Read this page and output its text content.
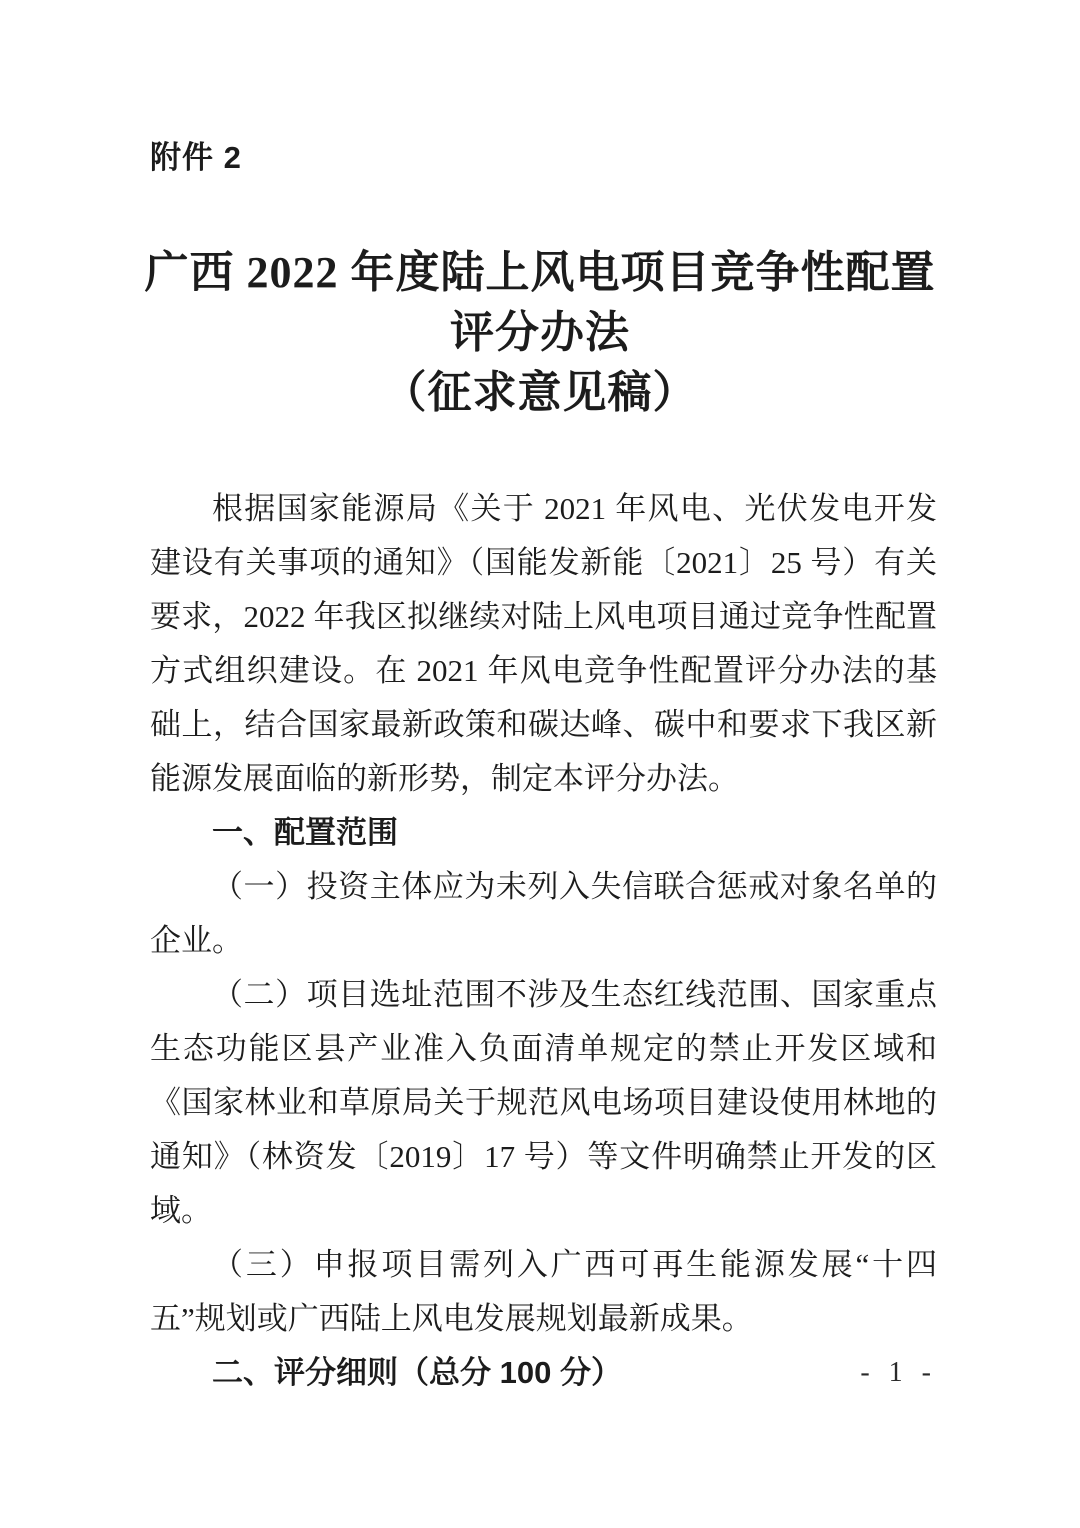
附件 2
广西 2022 年度陆上风电项目竞争性配置
评分办法
（征求意见稿）

根据国家能源局《关于 2021 年风电、光伏发电开发建设有关事项的通知》（国能发新能〔2021〕25 号）有关要求，2022 年我区拟继续对陆上风电项目通过竞争性配置方式组织建设。在 2021 年风电竞争性配置评分办法的基础上，结合国家最新政策和碳达峰、碳中和要求下我区新能源发展面临的新形势，制定本评分办法。

一、配置范围

（一）投资主体应为未列入失信联合惩戒对象名单的企业。

（二）项目选址范围不涉及生态红线范围、国家重点生态功能区县产业准入负面清单规定的禁止开发区域和《国家林业和草原局关于规范风电场项目建设使用林地的通知》（林资发〔2019〕17 号）等文件明确禁止开发的区域。

（三）申报项目需列入广西可再生能源发展“十四五”规划或广西陆上风电发展规划最新成果。

二、评分细则（总分 100 分）	- 1 -
